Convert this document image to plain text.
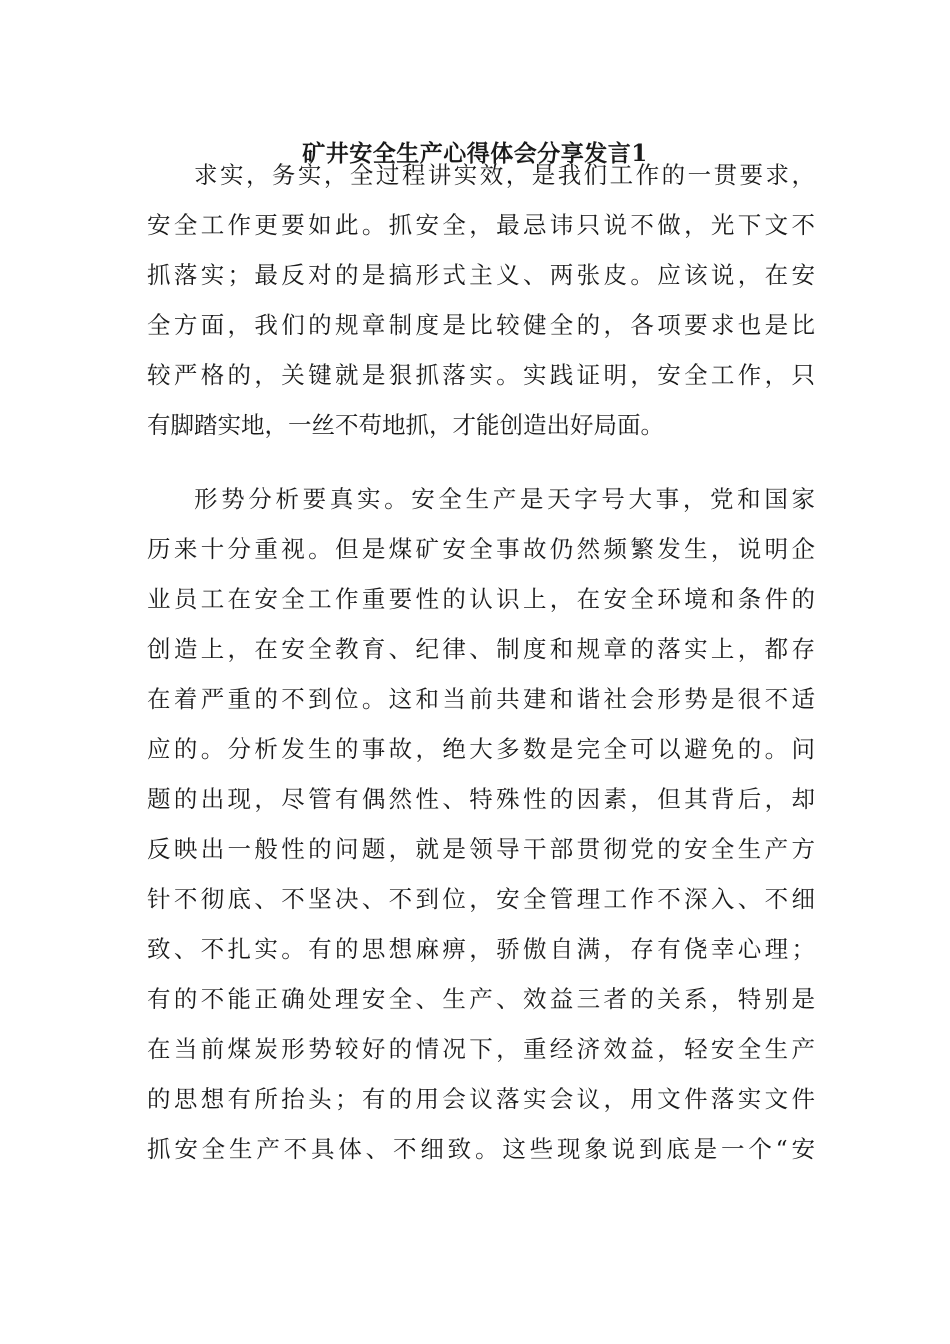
矿井安全生产心得体会分享发言1
求实，务实，全过程讲实效，是我们工作的一贯要求，
安全工作更要如此。抓安全，最忌讳只说不做，光下文不
抓落实；最反对的是搞形式主义、两张皮。应该说，在安
全方面，我们的规章制度是比较健全的，各项要求也是比
较严格的，关键就是狠抓落实。实践证明，安全工作，只
有脚踏实地，一丝不苟地抓，才能创造出好局面。
形势分析要真实。安全生产是天字号大事，党和国家
历来十分重视。但是煤矿安全事故仍然频繁发生，说明企
业员工在安全工作重要性的认识上，在安全环境和条件的
创造上，在安全教育、纪律、制度和规章的落实上，都存
在着严重的不到位。这和当前共建和谐社会形势是很不适
应的。分析发生的事故，绝大多数是完全可以避免的。问
题的出现，尽管有偶然性、特殊性的因素，但其背后，却
反映出一般性的问题，就是领导干部贯彻党的安全生产方
针不彻底、不坚决、不到位，安全管理工作不深入、不细
致、不扎实。有的思想麻痹，骄傲自满，存有侥幸心理；
有的不能正确处理安全、生产、效益三者的关系，特别是
在当前煤炭形势较好的情况下，重经济效益，轻安全生产
的思想有所抬头；有的用会议落实会议，用文件落实文件
抓安全生产不具体、不细致。这些现象说到底是一个“安
